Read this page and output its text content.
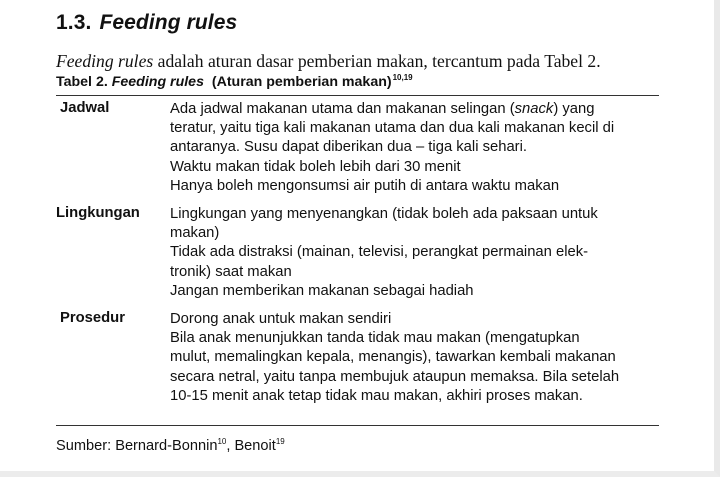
1.3. Feeding rules
Feeding rules adalah aturan dasar pemberian makan, tercantum pada Tabel 2.
Tabel 2. Feeding rules  (Aturan pemberian makan)$^{10,19}$
Jadwal	Ada jadwal makanan utama dan makanan selingan (snack) yang
teratur, yaitu tiga kali makanan utama dan dua kali makanan kecil di
antaranya. Susu dapat diberikan dua – tiga kali sehari.
Waktu makan tidak boleh lebih dari 30 menit
Hanya boleh mengonsumsi air putih di antara waktu makan
Lingkungan Lingkungan yang menyenangkan (tidak boleh ada paksaan untuk
makan)
Tidak ada distraksi (mainan, televisi, perangkat permainan elek-
tronik) saat makan
Jangan memberikan makanan sebagai hadiah
Prosedur	Dorong anak untuk makan sendiri
Bila anak menunjukkan tanda tidak mau makan (mengatupkan
mulut, memalingkan kepala, menangis), tawarkan kembali makanan
secara netral, yaitu tanpa membujuk ataupun memaksa. Bila setelah
10-15 menit anak tetap tidak mau makan, akhiri proses makan.
Sumber: Bernard-Bonnin$^{10}$, Benoit$^{19}$
